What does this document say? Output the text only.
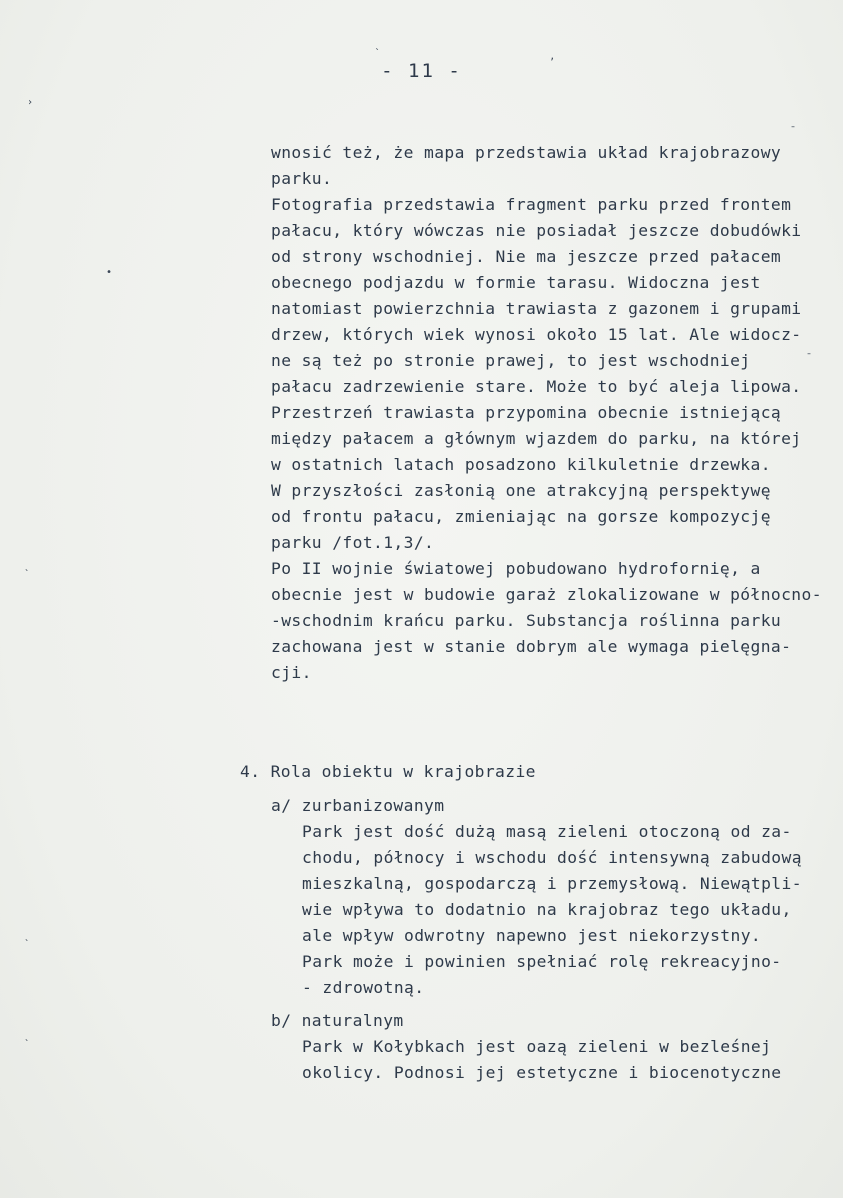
- 11 -
wnosić też, że mapa przedstawia układ krajobrazowy
parku.
Fotografia przedstawia fragment parku przed frontem
pałacu, który wówczas nie posiadał jeszcze dobudówki
od strony wschodniej. Nie ma jeszcze przed pałacem
obecnego podjazdu w formie tarasu. Widoczna jest
natomiast powierzchnia trawiasta z gazonem i grupami
drzew, których wiek wynosi około 15 lat. Ale widocz-
ne są też po stronie prawej, to jest wschodniej
pałacu zadrzewienie stare. Może to być aleja lipowa.
Przestrzeń trawiasta przypomina obecnie istniejącą
między pałacem a głównym wjazdem do parku, na której
w ostatnich latach posadzono kilkuletnie drzewka.
W przyszłości zasłonią one atrakcyjną perspektywę
od frontu pałacu, zmieniając na gorsze kompozycję
parku /fot.1,3/.
Po II wojnie światowej pobudowano hydrofornię, a
obecnie jest w budowie garaż zlokalizowane w północno-
-wschodnim krańcu parku. Substancja roślinna parku
zachowana jest w stanie dobrym ale wymaga pielęgna-
cji.
4. Rola obiektu w krajobrazie
a/ zurbanizowanym
Park jest dość dużą masą zieleni otoczoną od za-
chodu, północy i wschodu dość intensywną zabudową
mieszkalną, gospodarczą i przemysłową. Niewątpli-
wie wpływa to dodatnio na krajobraz tego układu,
ale wpływ odwrotny napewno jest niekorzystny.
Park może i powinien spełniać rolę rekreacyjno-
- zdrowotną.
b/ naturalnym
Park w Kołybkach jest oazą zieleni w bezleśnej
okolicy. Podnosi jej estetyczne i biocenotyczne
›
•
`
`
`
ˎ
ʼ
¯
¯
